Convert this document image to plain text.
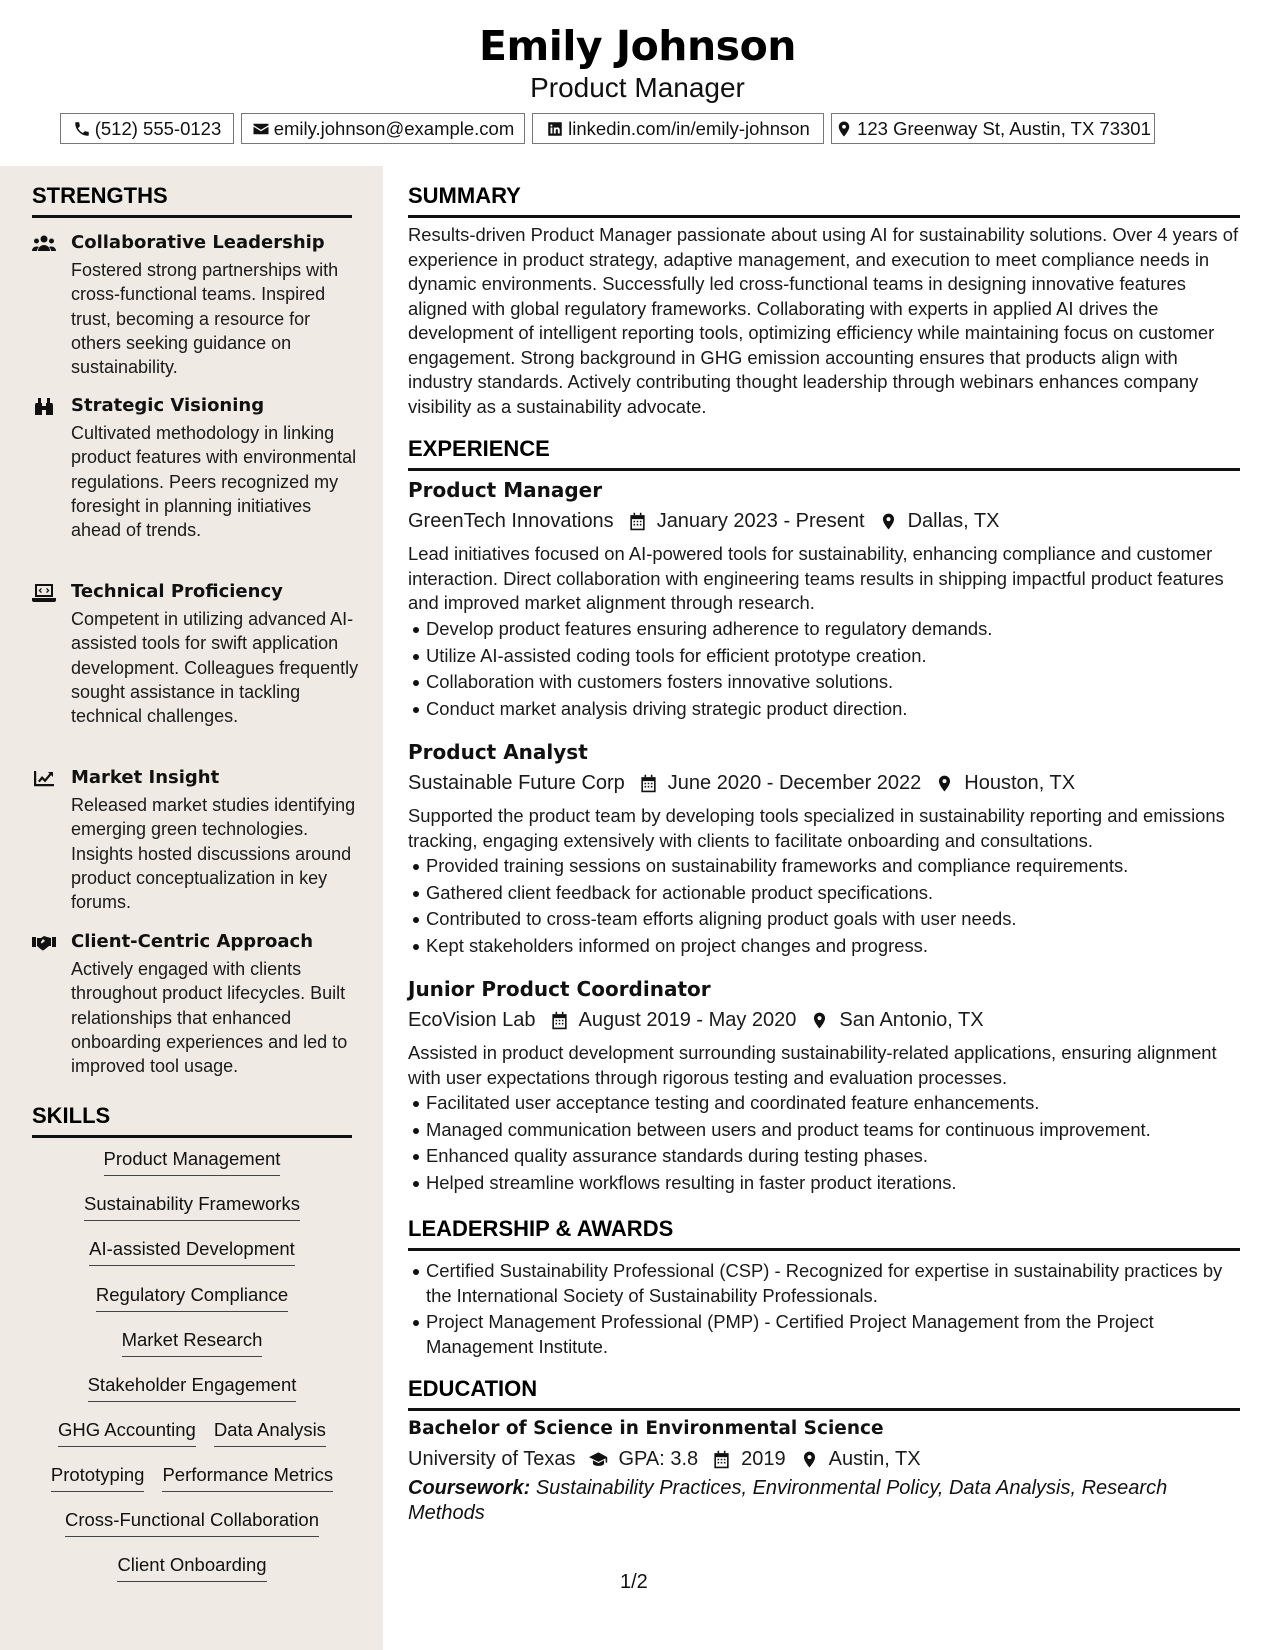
Emily Johnson
Product Manager
(512) 555-0123	emily.johnson@example.com	linkedin.com/in/emily-johnson	123 Greenway St, Austin, TX 73301
STRENGTHS
Collaborative Leadership
Fostered strong partnerships with cross-functional teams. Inspired trust, becoming a resource for others seeking guidance on sustainability.
Strategic Visioning
Cultivated methodology in linking product features with environmental regulations. Peers recognized my foresight in planning initiatives ahead of trends.
Technical Proficiency
Competent in utilizing advanced AI-assisted tools for swift application development. Colleagues frequently sought assistance in tackling technical challenges.
Market Insight
Released market studies identifying emerging green technologies. Insights hosted discussions around product conceptualization in key forums.
Client-Centric Approach
Actively engaged with clients throughout product lifecycles. Built relationships that enhanced onboarding experiences and led to improved tool usage.
SKILLS
Product Management
Sustainability Frameworks
AI-assisted Development
Regulatory Compliance
Market Research
Stakeholder Engagement
GHG Accounting Data Analysis
Prototyping Performance Metrics
Cross-Functional Collaboration
Client Onboarding
SUMMARY
Results-driven Product Manager passionate about using AI for sustainability solutions. Over 4 years of experience in product strategy, adaptive management, and execution to meet compliance needs in dynamic environments. Successfully led cross-functional teams in designing innovative features aligned with global regulatory frameworks. Collaborating with experts in applied AI drives the development of intelligent reporting tools, optimizing efficiency while maintaining focus on customer engagement. Strong background in GHG emission accounting ensures that products align with industry standards. Actively contributing thought leadership through webinars enhances company visibility as a sustainability advocate.
EXPERIENCE
Product Manager
GreenTech Innovations January 2023 - Present Dallas, TX
Lead initiatives focused on AI-powered tools for sustainability, enhancing compliance and customer interaction. Direct collaboration with engineering teams results in shipping impactful product features and improved market alignment through research.
Develop product features ensuring adherence to regulatory demands.
Utilize AI-assisted coding tools for efficient prototype creation.
Collaboration with customers fosters innovative solutions.
Conduct market analysis driving strategic product direction.
Product Analyst
Sustainable Future Corp June 2020 - December 2022 Houston, TX
Supported the product team by developing tools specialized in sustainability reporting and emissions tracking, engaging extensively with clients to facilitate onboarding and consultations.
Provided training sessions on sustainability frameworks and compliance requirements.
Gathered client feedback for actionable product specifications.
Contributed to cross-team efforts aligning product goals with user needs.
Kept stakeholders informed on project changes and progress.
Junior Product Coordinator
EcoVision Lab August 2019 - May 2020 San Antonio, TX
Assisted in product development surrounding sustainability-related applications, ensuring alignment with user expectations through rigorous testing and evaluation processes.
Facilitated user acceptance testing and coordinated feature enhancements.
Managed communication between users and product teams for continuous improvement.
Enhanced quality assurance standards during testing phases.
Helped streamline workflows resulting in faster product iterations.
LEADERSHIP & AWARDS
Certified Sustainability Professional (CSP) - Recognized for expertise in sustainability practices by the International Society of Sustainability Professionals.
Project Management Professional (PMP) - Certified Project Management from the Project Management Institute.
EDUCATION
Bachelor of Science in Environmental Science
University of Texas GPA: 3.8 2019 Austin, TX
Coursework: Sustainability Practices, Environmental Policy, Data Analysis, Research Methods
1/2
